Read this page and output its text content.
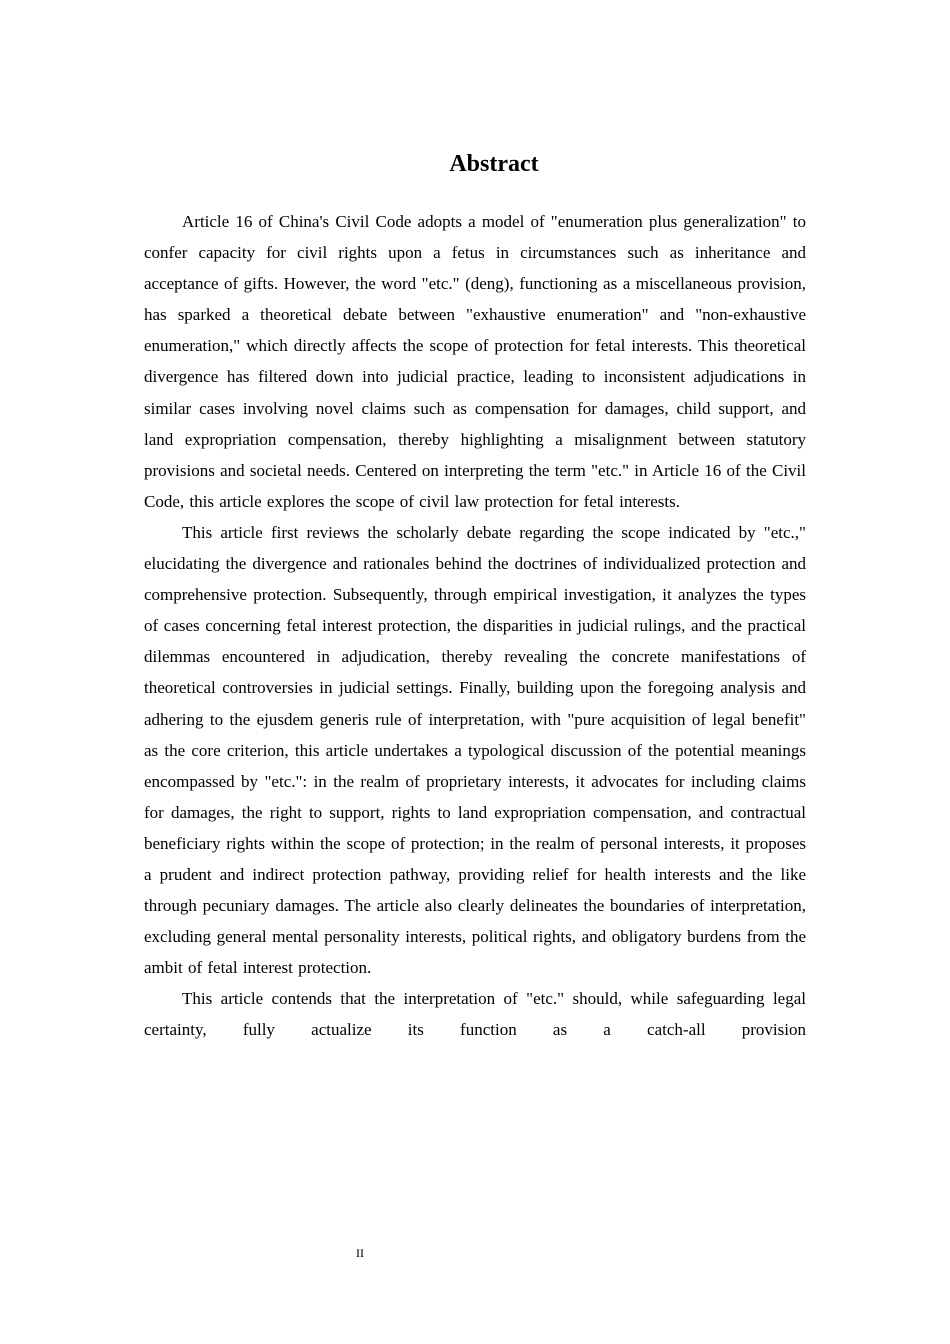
Abstract

Article 16 of China's Civil Code adopts a model of "enumeration plus generalization" to confer capacity for civil rights upon a fetus in circumstances such as inheritance and acceptance of gifts. However, the word "etc." (deng), functioning as a miscellaneous provision, has sparked a theoretical debate between "exhaustive enumeration" and "non-exhaustive enumeration," which directly affects the scope of protection for fetal interests. This theoretical divergence has filtered down into judicial practice, leading to inconsistent adjudications in similar cases involving novel claims such as compensation for damages, child support, and land expropriation compensation, thereby highlighting a misalignment between statutory provisions and societal needs. Centered on interpreting the term "etc." in Article 16 of the Civil Code, this article explores the scope of civil law protection for fetal interests.

This article first reviews the scholarly debate regarding the scope indicated by "etc.," elucidating the divergence and rationales behind the doctrines of individualized protection and comprehensive protection. Subsequently, through empirical investigation, it analyzes the types of cases concerning fetal interest protection, the disparities in judicial rulings, and the practical dilemmas encountered in adjudication, thereby revealing the concrete manifestations of theoretical controversies in judicial settings. Finally, building upon the foregoing analysis and adhering to the ejusdem generis rule of interpretation, with "pure acquisition of legal benefit" as the core criterion, this article undertakes a typological discussion of the potential meanings encompassed by "etc.": in the realm of proprietary interests, it advocates for including claims for damages, the right to support, rights to land expropriation compensation, and contractual beneficiary rights within the scope of protection; in the realm of personal interests, it proposes a prudent and indirect protection pathway, providing relief for health interests and the like through pecuniary damages. The article also clearly delineates the boundaries of interpretation, excluding general mental personality interests, political rights, and obligatory burdens from the ambit of fetal interest protection.

This article contends that the interpretation of "etc." should, while safeguarding legal certainty, fully actualize its function as a catch-all provision

II
